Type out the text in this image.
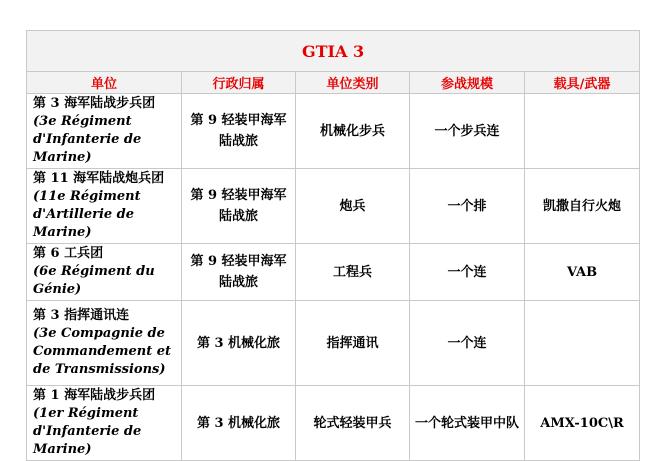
GTIA 3				
单位	行政归属	单位类别	参战规模	载具/武器

第 3 海军陆战步兵团
(3e Régiment d'Infanterie de Marine)	第 9 轻装甲海军陆战旅	机械化步兵	一个步兵连	

第 11 海军陆战炮兵团
(11e Régiment d'Artillerie de Marine)	第 9 轻装甲海军陆战旅	炮兵	一个排	凯撒自行火炮

第 6 工兵团
(6e Régiment du Génie)	第 9 轻装甲海军陆战旅	工程兵	一个连	VAB

第 3 指挥通讯连
(3e Compagnie de Commandement et de Transmissions)	第 3 机械化旅	指挥通讯	一个连	

第 1 海军陆战步兵团
(1er Régiment d'Infanterie de Marine)	第 3 机械化旅	轮式轻装甲兵	一个轮式装甲中队	AMX-10C\R
